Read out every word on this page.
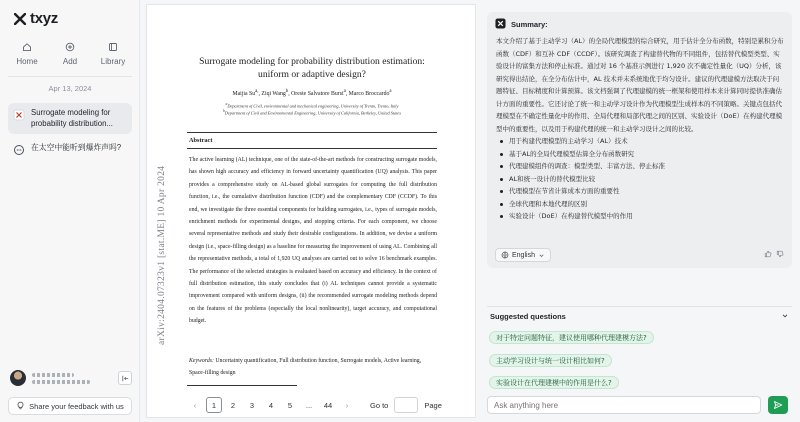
txyz
Home	Add	Library
Apr 13, 2024
Surrogate modeling for probability distribution...
在太空中能听到爆炸声吗?
Share your feedback with us
arXiv:2404.07323v1 [stat.ME] 10 Apr 2024
Surrogate modeling for probability distribution estimation:
uniform or adaptive design?
Maijia $Su^{a,}$, Ziqi Wang$^b$, Oreste Salvatore Bursi$^a$, Marco Broccardo$^a$
$^a$Department of Civil, environmental and mechanical engineering, University of Trento, Trento, Italy
$^b$Department of Civil and Environmental Engineering, University of California, Berkeley, United States
Abstract
The active learning (AL) technique, one of the state-of-the-art methods for constructing surrogate models, has shown high accuracy and efficiency in forward uncertainty quantification (UQ) analysis. This paper provides a comprehensive study on AL-based global surrogates for computing the full distribution function, i.e., the cumulative distribution function (CDF) and the complementary CDF (CCDF). To this end, we investigate the three essential components for building surrogates, i.e., types of surrogate models, enrichment methods for experimental designs, and stopping criteria. For each component, we choose several representative methods and study their desirable configurations. In addition, we devise a uniform design (i.e., space-filling design) as a baseline for measuring the improvement of using AL. Combining all the representative methods, a total of 1,920 UQ analyses are carried out to solve 16 benchmark examples. The performance of the selected strategies is evaluated based on accuracy and efficiency. In the context of full distribution estimation, this study concludes that (i) AL techniques cannot provide a systematic improvement compared with uniform designs, (ii) the recommended surrogate modeling methods depend on the features of the problems (especially the local nonlinearity), target accuracy, and computational budget.
Keywords: Uncertainty quantification, Full distribution function, Surrogate models, Active learning, Space-filling design
‹	1	2	3	4	5	...	44	›	Go to	Page
Summary:
本文介绍了基于主动学习（AL）的全局代理模型的综合研究，用于估计全分布函数，特别是累积分布函数（CDF）和互补 CDF（CCDF）。该研究调查了构建替代物的不同组件，包括替代模型类型、实验设计的富集方法和停止标准。通过对 16 个基准示例进行 1,920 次不确定性量化（UQ）分析，该研究得出结论，在全分布估计中，AL 技术并未系统地优于均匀设计。建议的代理建模方法取决于问题特征、目标精度和计算预算。该文档强调了代理建模的统一框架和使用样本来计算同时提供准确估计方面的重要性。它还讨论了统一和主动学习设计作为代理模型生成样本的不同策略。关键点包括代理模型在不确定性量化中的作用、全局代理和局部代理之间的区别、实验设计（DoE）在构建代理模型中的重要性，以及用于构建代理的统一和主动学习设计之间的比较。
用于构建代理模型的主动学习（AL）技术
基于AL的全局代理模型估算全分布函数研究
代理建模组件的调查：模型类型、丰富方法、停止标准
AL和统一设计的替代模型比较
代理模型在节省计算成本方面的重要性
全球代理和本地代理的区别
实验设计（DoE）在构建替代模型中的作用
English
Suggested questions
对于特定问题特征，建议使用哪种代理建模方法?
主动学习设计与统一设计相比如何?
实验设计在代理建模中的作用是什么?
Ask anything here
